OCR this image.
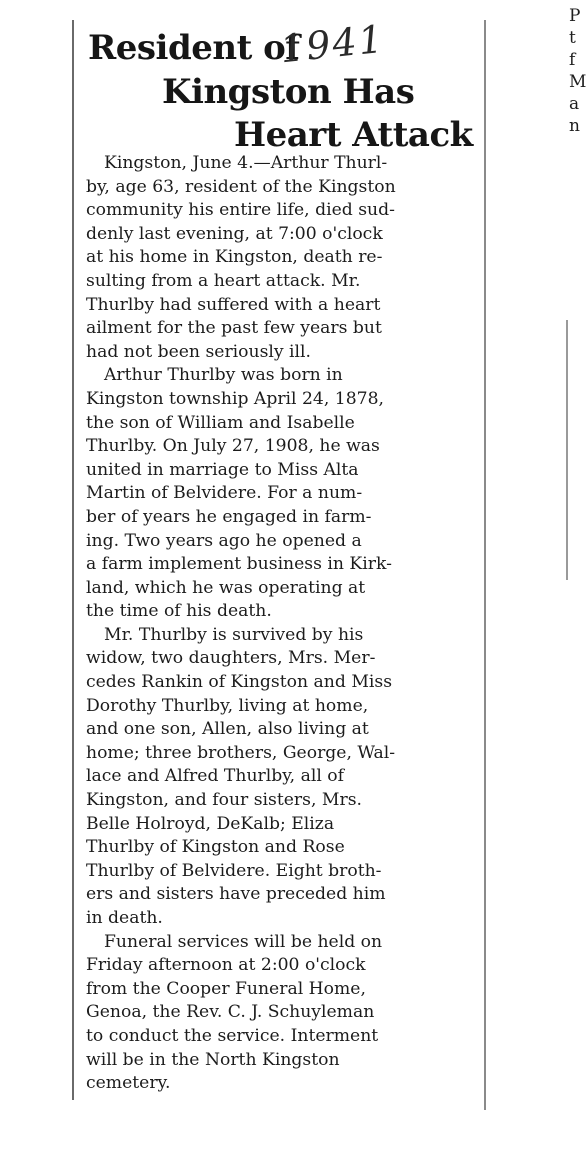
Resident of
Kingston Has
Heart Attack
1941
Kingston, June 4.—Arthur Thurl-
by, age 63, resident of the Kingston
community his entire life, died sud-
denly last evening, at 7:00 o'clock
at his home in Kingston, death re-
sulting from a heart attack. Mr.
Thurlby had suffered with a heart
ailment for the past few years but
had not been seriously ill.
Arthur Thurlby was born in
Kingston township April 24, 1878,
the son of William and Isabelle
Thurlby. On July 27, 1908, he was
united in marriage to Miss Alta
Martin of Belvidere. For a num-
ber of years he engaged in farm-
ing. Two years ago he opened a
a farm implement business in Kirk-
land, which he was operating at
the time of his death.
Mr. Thurlby is survived by his
widow, two daughters, Mrs. Mer-
cedes Rankin of Kingston and Miss
Dorothy Thurlby, living at home,
and one son, Allen, also living at
home; three brothers, George, Wal-
lace and Alfred Thurlby, all of
Kingston, and four sisters, Mrs.
Belle Holroyd, DeKalb; Eliza
Thurlby of Kingston and Rose
Thurlby of Belvidere. Eight broth-
ers and sisters have preceded him
in death.
Funeral services will be held on
Friday afternoon at 2:00 o'clock
from the Cooper Funeral Home,
Genoa, the Rev. C. J. Schuyleman
to conduct the service. Interment
will be in the North Kingston
cemetery.
P
t
f
M
a
n
